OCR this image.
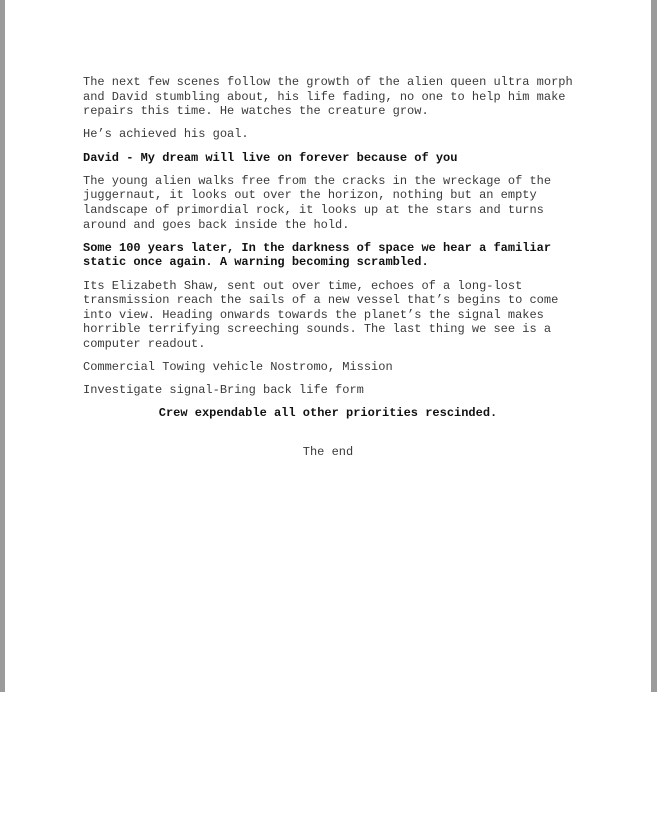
The next few scenes follow the growth of the alien queen ultra morph
and David stumbling about, his life fading, no one to help him make
repairs this time. He watches the creature grow.

He’s achieved his goal.

David - My dream will live on forever because of you

The young alien walks free from the cracks in the wreckage of the
juggernaut, it looks out over the horizon, nothing but an empty
landscape of primordial rock, it looks up at the stars and turns
around and goes back inside the hold.

Some 100 years later, In the darkness of space we hear a familiar
static once again. A warning becoming scrambled.

Its Elizabeth Shaw, sent out over time, echoes of a long-lost
transmission reach the sails of a new vessel that’s begins to come
into view. Heading onwards towards the planet’s the signal makes
horrible terrifying screeching sounds. The last thing we see is a
computer readout.

Commercial Towing vehicle Nostromo, Mission

Investigate signal-Bring back life form

Crew expendable all other priorities rescinded.

The end
